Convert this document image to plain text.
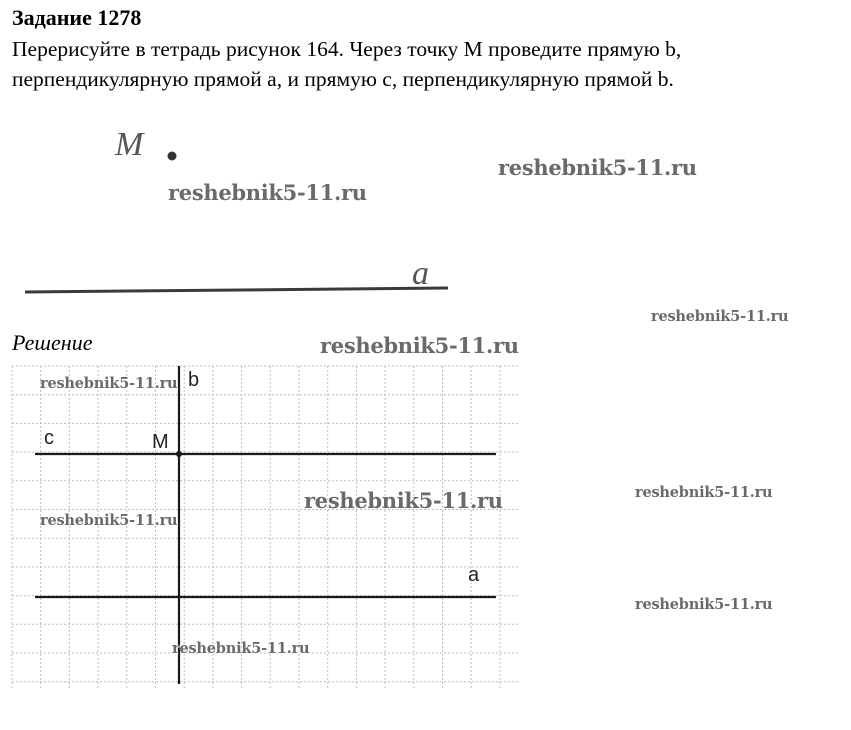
Задание 1278

Перерисуйте в тетрадь рисунок 164. Через точку М проведите прямую b,
перпендикулярную прямой а, и прямую с, перпендикулярную прямой b.

M
a
b
c	M
a

Решение

reshebnik5-11.ru
reshebnik5-11.ru
reshebnik5-11.ru
reshebnik5-11.ru
reshebnik5-11.ru
reshebnik5-11.ru	reshebnik5-11.ru
reshebnik5-11.ru
reshebnik5-11.ru
reshebnik5-11.ru
